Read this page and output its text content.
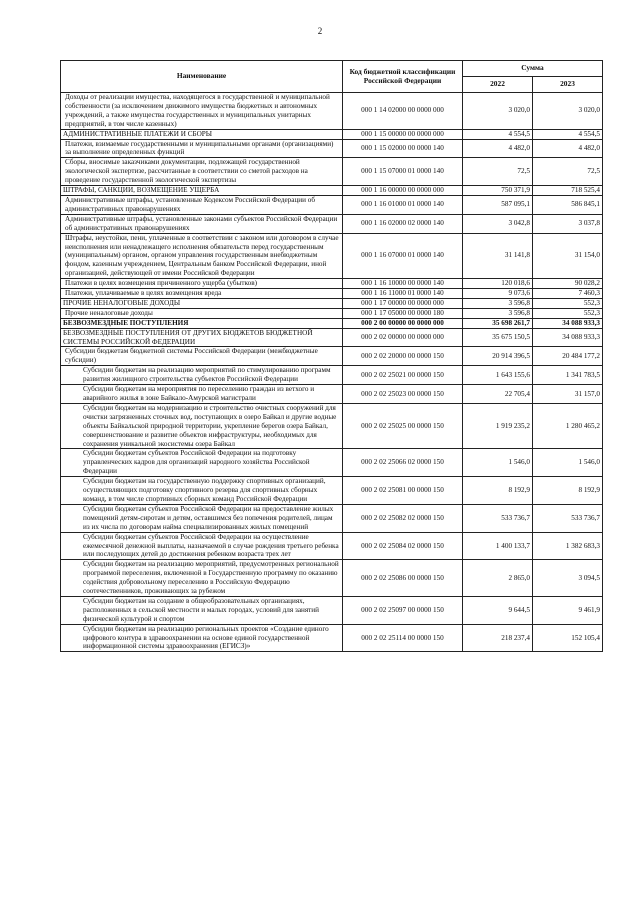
2
Наименование	Код бюджетной классификации Российской Федерации	Сумма	
		2022	2023
Доходы от реализации имущества, находящегося в государственной и муниципальной собственности (за исключением движимого имущества бюджетных и автономных учреждений, а также имущества государственных и муниципальных унитарных предприятий, в том числе казенных)	000 1 14 02000 00 0000 000	3 020,0	3 020,0
АДМИНИСТРАТИВНЫЕ ПЛАТЕЖИ И СБОРЫ	000 1 15 00000 00 0000 000	4 554,5	4 554,5
Платежи, взимаемые государственными и муниципальными органами (организациями) за выполнение определенных функций	000 1 15 02000 00 0000 140	4 482,0	4 482,0
Сборы, вносимые заказчиками документации, подлежащей государственной экологической экспертизе, рассчитанные в соответствии со сметой расходов на проведение государственной экологической экспертизы	000 1 15 07000 01 0000 140	72,5	72,5
ШТРАФЫ, САНКЦИИ, ВОЗМЕЩЕНИЕ УЩЕРБА	000 1 16 00000 00 0000 000	750 371,9	718 525,4
Административные штрафы, установленные Кодексом Российской Федерации об административных правонарушениях	000 1 16 01000 01 0000 140	587 095,1	586 845,1
Административные штрафы, установленные законами субъектов Российской Федерации об административных правонарушениях	000 1 16 02000 02 0000 140	3 042,8	3 037,8
Штрафы, неустойки, пени, уплаченные в соответствии с законом или договором в случае неисполнения или ненадлежащего исполнения обязательств перед государственным (муниципальным) органом, органом управления государственным внебюджетным фондом, казенным учреждением, Центральным банком Российской Федерации, иной организацией, действующей от имени Российской Федерации	000 1 16 07000 01 0000 140	31 141,8	31 154,0
Платежи в целях возмещения причиненного ущерба (убытков)	000 1 16 10000 00 0000 140	120 018,6	90 028,2
Платежи, уплачиваемые в целях возмещения вреда	000 1 16 11000 01 0000 140	9 073,6	7 460,3
ПРОЧИЕ НЕНАЛОГОВЫЕ ДОХОДЫ	000 1 17 00000 00 0000 000	3 596,8	552,3
Прочие неналоговые доходы	000 1 17 05000 00 0000 180	3 596,8	552,3
БЕЗВОЗМЕЗДНЫЕ ПОСТУПЛЕНИЯ	000 2 00 00000 00 0000 000	35 698 261,7	34 088 933,3
БЕЗВОЗМЕЗДНЫЕ ПОСТУПЛЕНИЯ ОТ ДРУГИХ БЮДЖЕТОВ БЮДЖЕТНОЙ СИСТЕМЫ РОССИЙСКОЙ ФЕДЕРАЦИИ	000 2 02 00000 00 0000 000	35 675 150,5	34 088 933,3
Субсидии бюджетам бюджетной системы Российской Федерации (межбюджетные субсидии)	000 2 02 20000 00 0000 150	20 914 396,5	20 484 177,2
Субсидии бюджетам на реализацию мероприятий по стимулированию программ развития жилищного строительства субъектов Российской Федерации	000 2 02 25021 00 0000 150	1 643 155,6	1 341 783,5
Субсидии бюджетам на мероприятия по переселению граждан из ветхого и аварийного жилья в зоне Байкало-Амурской магистрали	000 2 02 25023 00 0000 150	22 705,4	31 157,0
Субсидии бюджетам на модернизацию и строительство очистных сооружений для очистки загрязненных сточных вод, поступающих в озеро Байкал и другие водные объекты Байкальской природной территории, укрепление берегов озера Байкал, совершенствование и развитие объектов инфраструктуры, необходимых для сохранения уникальной экосистемы озера Байкал	000 2 02 25025 00 0000 150	1 919 235,2	1 280 465,2
Субсидии бюджетам субъектов Российской Федерации на подготовку управленческих кадров для организаций народного хозяйства Российской Федерации	000 2 02 25066 02 0000 150	1 546,0	1 546,0
Субсидии бюджетам на государственную поддержку спортивных организаций, осуществляющих подготовку спортивного резерва для спортивных сборных команд, в том числе спортивных сборных команд Российской Федерации	000 2 02 25081 00 0000 150	8 192,9	8 192,9
Субсидии бюджетам субъектов Российской Федерации на предоставление жилых помещений детям-сиротам и детям, оставшимся без попечения родителей, лицам из их числа по договорам найма специализированных жилых помещений	000 2 02 25082 02 0000 150	533 736,7	533 736,7
Субсидии бюджетам субъектов Российской Федерации на осуществление ежемесячной денежной выплаты, назначаемой в случае рождения третьего ребенка или последующих детей до достижения ребенком возраста трех лет	000 2 02 25084 02 0000 150	1 400 133,7	1 382 683,3
Субсидии бюджетам на реализацию мероприятий, предусмотренных региональной программой переселения, включенной в Государственную программу по оказанию содействия добровольному переселению в Российскую Федерацию соотечественников, проживающих за рубежом	000 2 02 25086 00 0000 150	2 865,0	3 094,5
Субсидии бюджетам на создание в общеобразовательных организациях, расположенных в сельской местности и малых городах, условий для занятий физической культурой и спортом	000 2 02 25097 00 0000 150	9 644,5	9 461,9
Субсидии бюджетам на реализацию региональных проектов «Создание единого цифрового контура в здравоохранении на основе единой государственной информационной системы здравоохранения (ЕГИСЗ)»	000 2 02 25114 00 0000 150	218 237,4	152 105,4
